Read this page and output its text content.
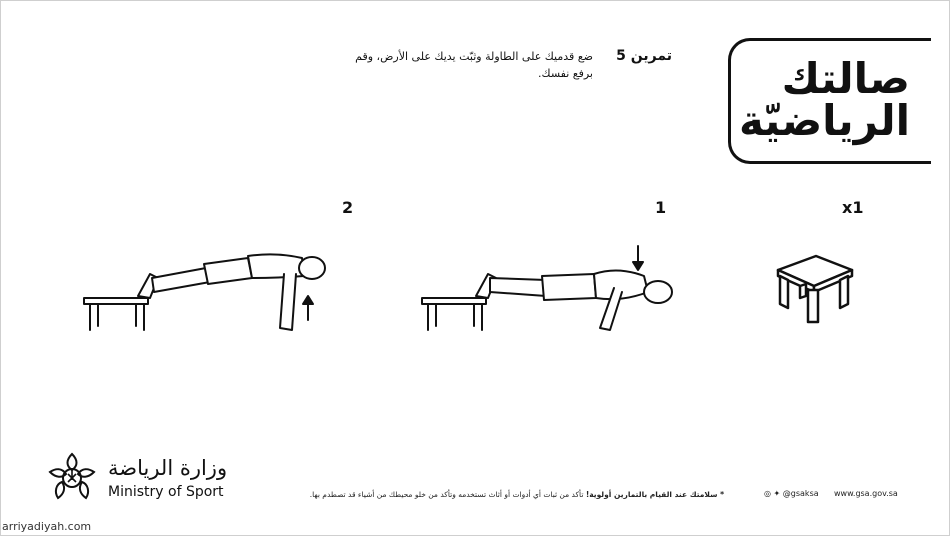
صالتك
الرياضيّة
تمرين 5
ضع قدميك على الطاولة وثبّت يديك على الأرض، وقم برفع نفسك.
x1
1
2
وزارة الرياضة
Ministry of Sport	* سلامتك عند القيام بالتمارين أولوية! تأكد من ثبات أي أدوات أو أثاث تستخدمه وتأكد من خلو محيطك من أشياء قد تصطدم بها.	◎ ✦ @gsaksa www.gsa.gov.sa
arriyadiyah.com
